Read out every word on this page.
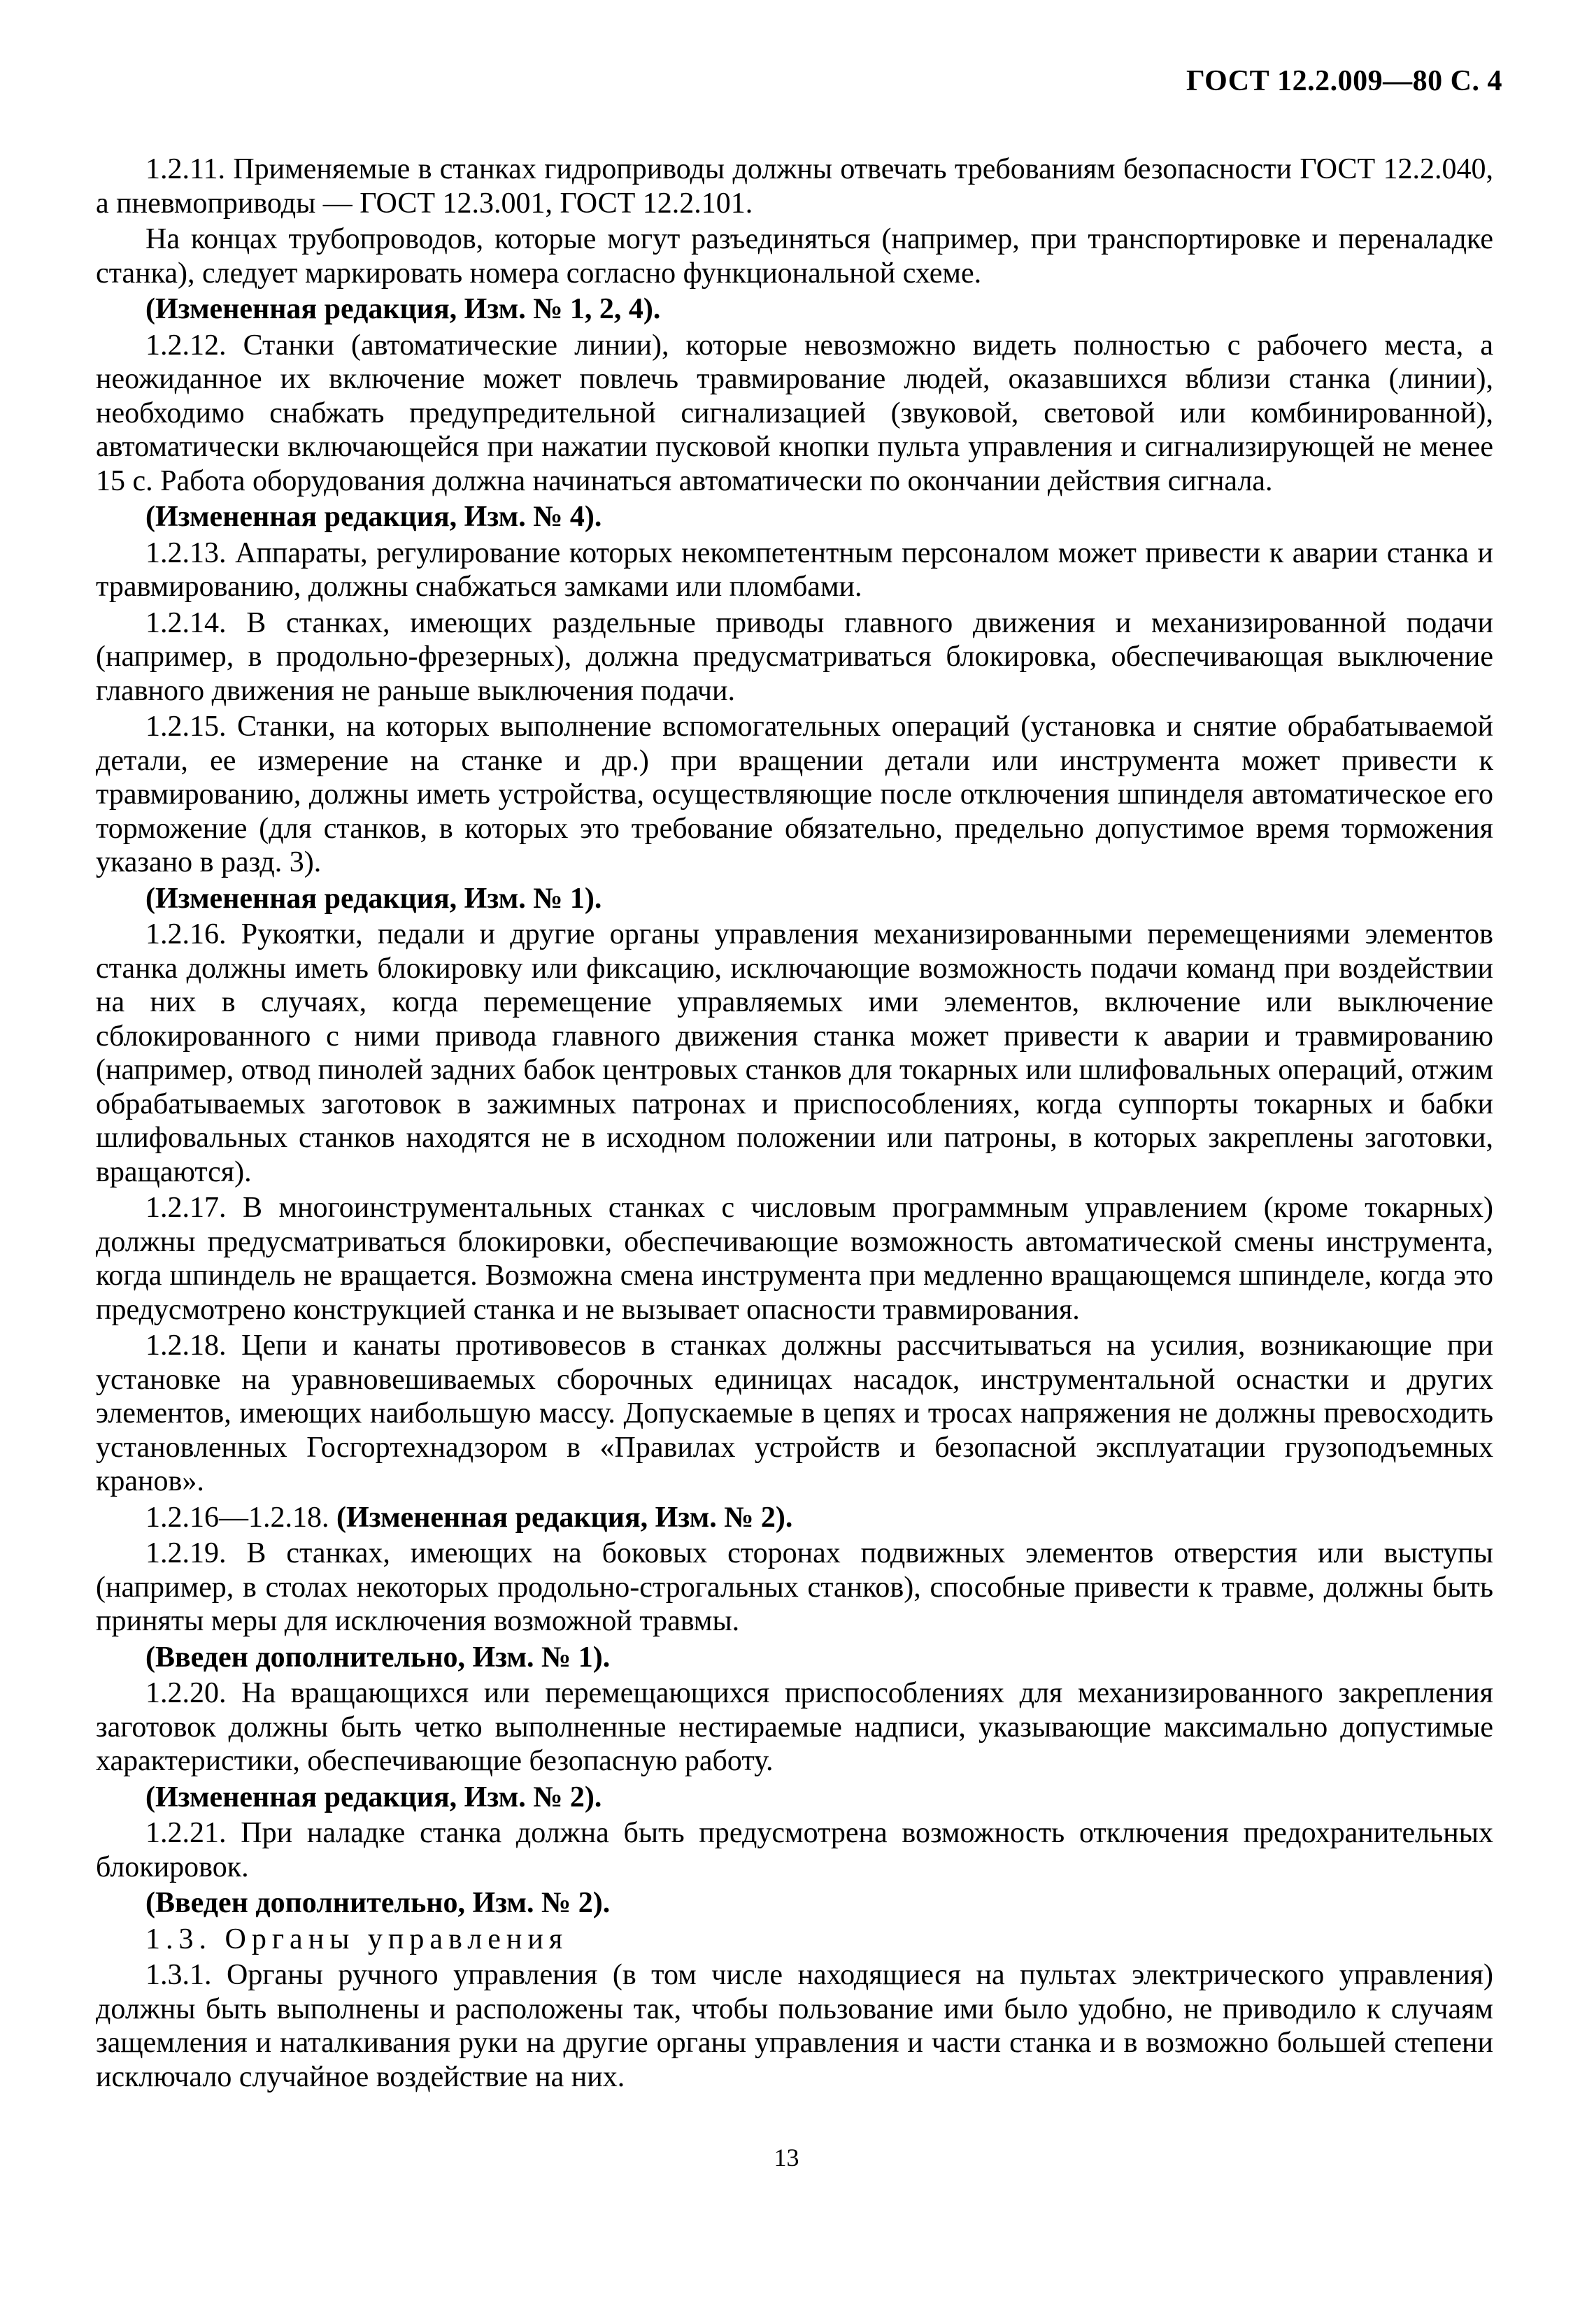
ГОСТ 12.2.009—80 С. 4

1.2.11. Применяемые в станках гидроприводы должны отвечать требованиям безопасности ГОСТ 12.2.040, а пневмоприводы — ГОСТ 12.3.001, ГОСТ 12.2.101.

На концах трубопроводов, которые могут разъединяться (например, при транспортировке и переналадке станка), следует маркировать номера согласно функциональной схеме.

(Измененная редакция, Изм. № 1, 2, 4).

1.2.12. Станки (автоматические линии), которые невозможно видеть полностью с рабочего места, а неожиданное их включение может повлечь травмирование людей, оказавшихся вблизи станка (линии), необходимо снабжать предупредительной сигнализацией (звуковой, световой или комбинированной), автоматически включающейся при нажатии пусковой кнопки пульта управления и сигнализирующей не менее 15 с. Работа оборудования должна начинаться автоматически по окончании действия сигнала.

(Измененная редакция, Изм. № 4).

1.2.13. Аппараты, регулирование которых некомпетентным персоналом может привести к аварии станка и травмированию, должны снабжаться замками или пломбами.

1.2.14. В станках, имеющих раздельные приводы главного движения и механизированной подачи (например, в продольно-фрезерных), должна предусматриваться блокировка, обеспечивающая выключение главного движения не раньше выключения подачи.

1.2.15. Станки, на которых выполнение вспомогательных операций (установка и снятие обрабатываемой детали, ее измерение на станке и др.) при вращении детали или инструмента может привести к травмированию, должны иметь устройства, осуществляющие после отключения шпинделя автоматическое его торможение (для станков, в которых это требование обязательно, предельно допустимое время торможения указано в разд. 3).

(Измененная редакция, Изм. № 1).

1.2.16. Рукоятки, педали и другие органы управления механизированными перемещениями элементов станка должны иметь блокировку или фиксацию, исключающие возможность подачи команд при воздействии на них в случаях, когда перемещение управляемых ими элементов, включение или выключение сблокированного с ними привода главного движения станка может привести к аварии и травмированию (например, отвод пинолей задних бабок центровых станков для токарных или шлифовальных операций, отжим обрабатываемых заготовок в зажимных патронах и приспособлениях, когда суппорты токарных и бабки шлифовальных станков находятся не в исходном положении или патроны, в которых закреплены заготовки, вращаются).

1.2.17. В многоинструментальных станках с числовым программным управлением (кроме токарных) должны предусматриваться блокировки, обеспечивающие возможность автоматической смены инструмента, когда шпиндель не вращается. Возможна смена инструмента при медленно вращающемся шпинделе, когда это предусмотрено конструкцией станка и не вызывает опасности травмирования.

1.2.18. Цепи и канаты противовесов в станках должны рассчитываться на усилия, возникающие при установке на уравновешиваемых сборочных единицах насадок, инструментальной оснастки и других элементов, имеющих наибольшую массу. Допускаемые в цепях и тросах напряжения не должны превосходить установленных Госгортехнадзором в «Правилах устройств и безопасной эксплуатации грузоподъемных кранов».

1.2.16—1.2.18. (Измененная редакция, Изм. № 2).

1.2.19. В станках, имеющих на боковых сторонах подвижных элементов отверстия или выступы (например, в столах некоторых продольно-строгальных станков), способные привести к травме, должны быть приняты меры для исключения возможной травмы.

(Введен дополнительно, Изм. № 1).

1.2.20. На вращающихся или перемещающихся приспособлениях для механизированного закрепления заготовок должны быть четко выполненные нестираемые надписи, указывающие максимально допустимые характеристики, обеспечивающие безопасную работу.

(Измененная редакция, Изм. № 2).

1.2.21. При наладке станка должна быть предусмотрена возможность отключения предохранительных блокировок.

(Введен дополнительно, Изм. № 2).

1.3. Органы управления

1.3.1. Органы ручного управления (в том числе находящиеся на пультах электрического управления) должны быть выполнены и расположены так, чтобы пользование ими было удобно, не приводило к случаям защемления и наталкивания руки на другие органы управления и части станка и в возможно большей степени исключало случайное воздействие на них.

13
